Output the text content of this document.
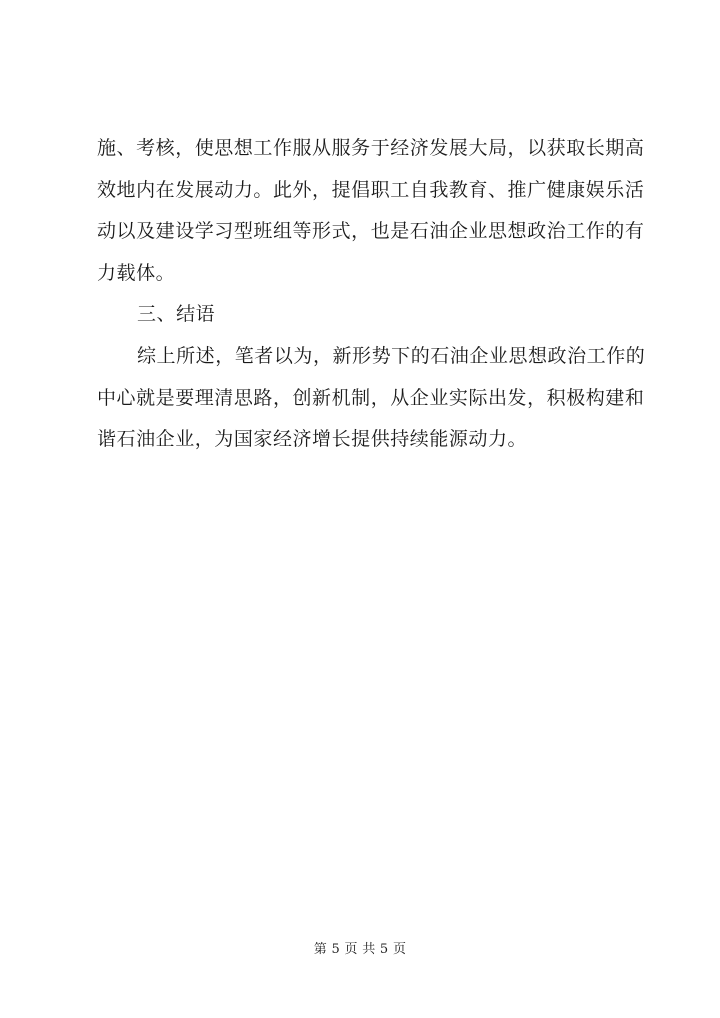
施、考核，使思想工作服从服务于经济发展大局，以获取长期高
效地内在发展动力。此外，提倡职工自我教育、推广健康娱乐活
动以及建设学习型班组等形式，也是石油企业思想政治工作的有
力载体。
三、结语
综上所述，笔者以为，新形势下的石油企业思想政治工作的
中心就是要理清思路，创新机制，从企业实际出发，积极构建和
谐石油企业，为国家经济增长提供持续能源动力。
第 5 页 共 5 页
